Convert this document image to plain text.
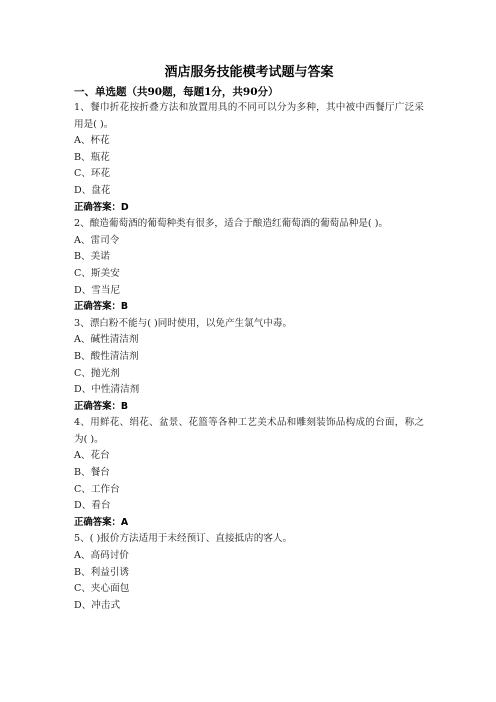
酒店服务技能模考试题与答案
一、单选题（共90题，每题1分，共90分）
1、餐巾折花按折叠方法和放置用具的不同可以分为多种，其中被中西餐厅广泛采用是( )。
A、杯花
B、瓶花
C、环花
D、盘花
正确答案：D
2、酿造葡萄酒的葡萄种类有很多，适合于酿造红葡萄酒的葡萄品种是( )。
A、雷司令
B、美诺
C、斯美安
D、雪当尼
正确答案：B
3、漂白粉不能与( )同时使用，以免产生氯气中毒。
A、碱性清洁剂
B、酸性清洁剂
C、抛光剂
D、中性清洁剂
正确答案：B
4、用鲜花、绢花、盆景、花篮等各种工艺美术品和雕刻装饰品构成的台面，称之为( )。
A、花台
B、餐台
C、工作台
D、看台
正确答案：A
5、( )报价方法适用于未经预订、直接抵店的客人。
A、高码讨价
B、利益引诱
C、夹心面包
D、冲击式
